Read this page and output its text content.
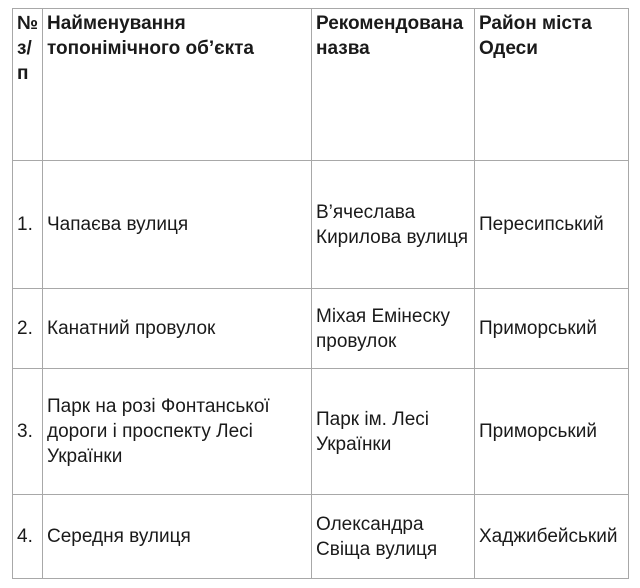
№
з/
п	Найменування топонімічного об’єкта	Рекомендована назва	Район міста Одеси
1.	Чапаєва вулиця	В’ячеслава Кирилова вулиця	Пересипський
2.	Канатний провулок	Міхая Емінеску провулок	Приморський
3.	Парк на розі Фонтанської дороги і проспекту Лесі Українки	Парк ім. Лесі Українки	Приморський
4.	Середня вулиця	Олександра Свіща вулиця	Хаджибейський
